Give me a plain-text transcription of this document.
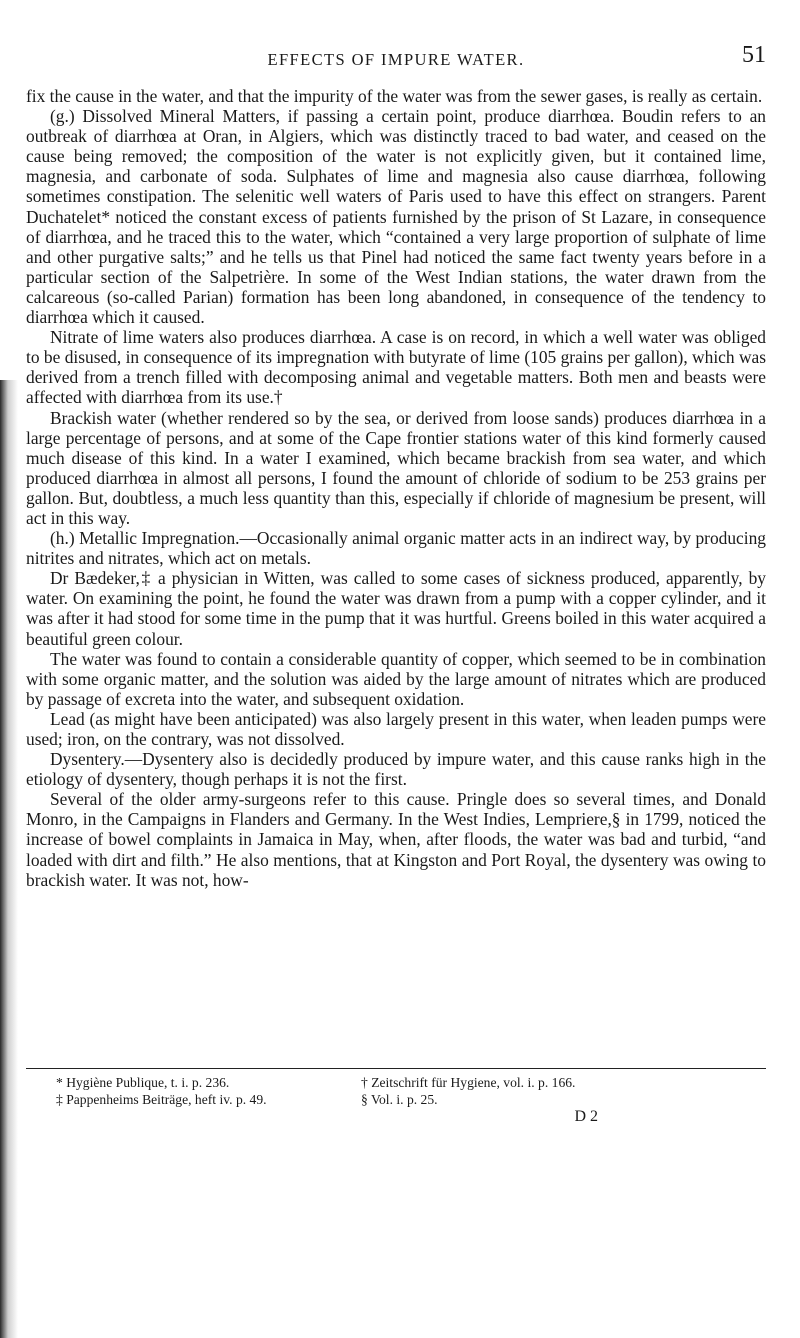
EFFECTS OF IMPURE WATER.	51

fix the cause in the water, and that the impurity of the water was from the sewer gases, is really as certain.

(g.) Dissolved Mineral Matters, if passing a certain point, produce diarrhœa. Boudin refers to an outbreak of diarrhœa at Oran, in Algiers, which was distinctly traced to bad water, and ceased on the cause being removed; the composition of the water is not explicitly given, but it contained lime, magnesia, and carbonate of soda. Sulphates of lime and magnesia also cause diarrhœa, following sometimes constipation. The selenitic well waters of Paris used to have this effect on strangers. Parent Duchatelet* noticed the constant excess of patients furnished by the prison of St Lazare, in consequence of diarrhœa, and he traced this to the water, which “contained a very large proportion of sulphate of lime and other purgative salts;” and he tells us that Pinel had noticed the same fact twenty years before in a particular section of the Salpetrière. In some of the West Indian stations, the water drawn from the calcareous (so-called Parian) formation has been long abandoned, in consequence of the tendency to diarrhœa which it caused.

Nitrate of lime waters also produces diarrhœa. A case is on record, in which a well water was obliged to be disused, in consequence of its impregnation with butyrate of lime (105 grains per gallon), which was derived from a trench filled with decomposing animal and vegetable matters. Both men and beasts were affected with diarrhœa from its use.†

Brackish water (whether rendered so by the sea, or derived from loose sands) produces diarrhœa in a large percentage of persons, and at some of the Cape frontier stations water of this kind formerly caused much disease of this kind. In a water I examined, which became brackish from sea water, and which produced diarrhœa in almost all persons, I found the amount of chloride of sodium to be 253 grains per gallon. But, doubtless, a much less quantity than this, especially if chloride of magnesium be present, will act in this way.

(h.) Metallic Impregnation.—Occasionally animal organic matter acts in an indirect way, by producing nitrites and nitrates, which act on metals.

Dr Bædeker,‡ a physician in Witten, was called to some cases of sickness produced, apparently, by water. On examining the point, he found the water was drawn from a pump with a copper cylinder, and it was after it had stood for some time in the pump that it was hurtful. Greens boiled in this water acquired a beautiful green colour.

The water was found to contain a considerable quantity of copper, which seemed to be in combination with some organic matter, and the solution was aided by the large amount of nitrates which are produced by passage of excreta into the water, and subsequent oxidation.

Lead (as might have been anticipated) was also largely present in this water, when leaden pumps were used; iron, on the contrary, was not dissolved.

Dysentery.—Dysentery also is decidedly produced by impure water, and this cause ranks high in the etiology of dysentery, though perhaps it is not the first.

Several of the older army-surgeons refer to this cause. Pringle does so several times, and Donald Monro, in the Campaigns in Flanders and Germany. In the West Indies, Lempriere,§ in 1799, noticed the increase of bowel complaints in Jamaica in May, when, after floods, the water was bad and turbid, “and loaded with dirt and filth.” He also mentions, that at Kingston and Port Royal, the dysentery was owing to brackish water. It was not, how-

* Hygiène Publique, t. i. p. 236.	† Zeitschrift für Hygiene, vol. i. p. 166.
‡ Pappenheims Beiträge, heft iv. p. 49.	§ Vol. i. p. 25.
D 2
